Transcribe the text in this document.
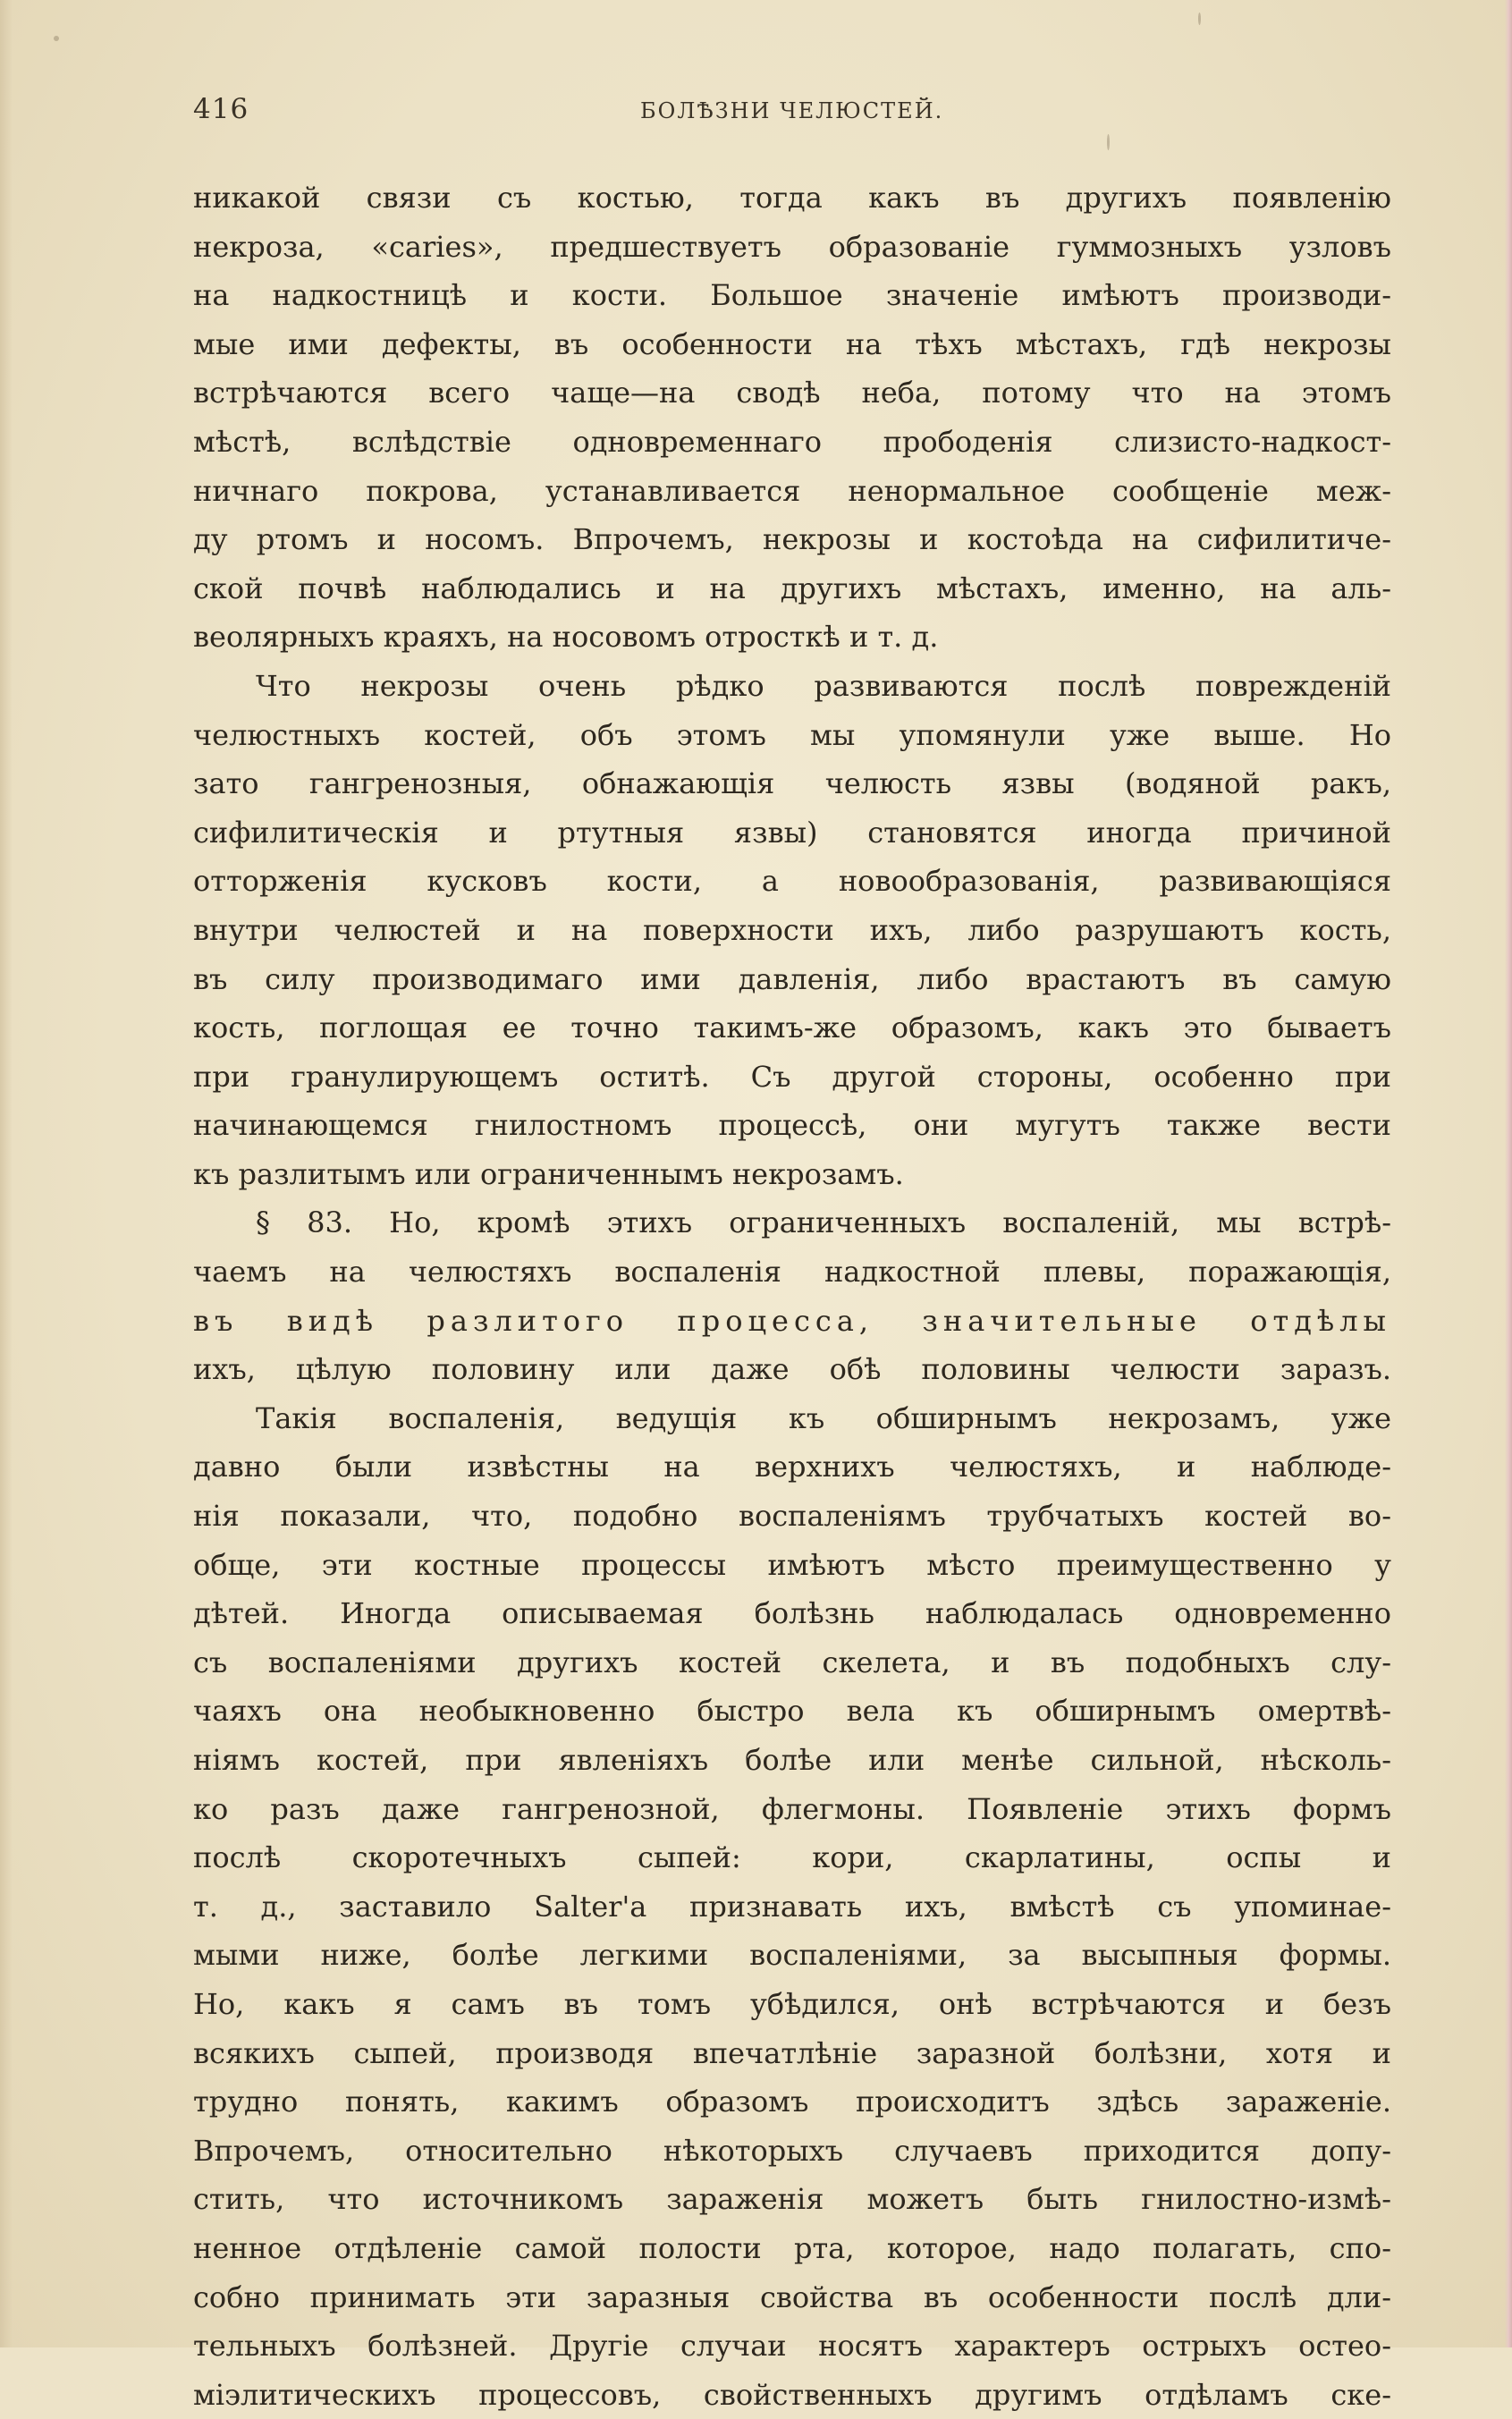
416	БОЛѢЗНИ ЧЕЛЮСТЕЙ.
никакой связи съ костью, тогда какъ въ другихъ появленію
некроза, «caries», предшествуетъ образованіе гуммозныхъ узловъ
на надкостницѣ и кости. Большое значеніе имѣютъ производи-
мые ими дефекты, въ особенности на тѣхъ мѣстахъ, гдѣ некрозы
встрѣчаются всего чаще—на сводѣ неба, потому что на этомъ
мѣстѣ, вслѣдствіе одновременнаго прободенія слизисто-надкост-
ничнаго покрова, устанавливается ненормальное сообщеніе меж-
ду ртомъ и носомъ. Впрочемъ, некрозы и костоѣда на сифилитиче-
ской почвѣ наблюдались и на другихъ мѣстахъ, именно, на аль-
веолярныхъ краяхъ, на носовомъ отросткѣ и т. д.
Что некрозы очень рѣдко развиваются послѣ поврежденій
челюстныхъ костей, объ этомъ мы упомянули уже выше. Но
зато гангренозныя, обнажающія челюсть язвы (водяной ракъ,
сифилитическія и ртутныя язвы) становятся иногда причиной
отторженія кусковъ кости, а новообразованія, развивающіяся
внутри челюстей и на поверхности ихъ, либо разрушаютъ кость,
въ силу производимаго ими давленія, либо врастаютъ въ самую
кость, поглощая ее точно такимъ-же образомъ, какъ это бываетъ
при гранулирующемъ оститѣ. Съ другой стороны, особенно при
начинающемся гнилостномъ процессѣ, они мугутъ также вести
къ разлитымъ или ограниченнымъ некрозамъ.
§ 83. Но, кромѣ этихъ ограниченныхъ воспаленій, мы встрѣ-
чаемъ на челюстяхъ воспаленія надкостной плевы, поражающія,
въ видѣ разлитого процесса, значительные отдѣлы
ихъ, цѣлую половину или даже обѣ половины челюсти заразъ.
Такія воспаленія, ведущія къ обширнымъ некрозамъ, уже
давно были извѣстны на верхнихъ челюстяхъ, и наблюде-
нія показали, что, подобно воспаленіямъ трубчатыхъ костей во-
обще, эти костные процессы имѣютъ мѣсто преимущественно у
дѣтей. Иногда описываемая болѣзнь наблюдалась одновременно
съ воспаленіями другихъ костей скелета, и въ подобныхъ слу-
чаяхъ она необыкновенно быстро вела къ обширнымъ омертвѣ-
ніямъ костей, при явленіяхъ болѣе или менѣе сильной, нѣсколь-
ко разъ даже гангренозной, флегмоны. Появленіе этихъ формъ
послѣ скоротечныхъ сыпей: кори, скарлатины, оспы и
т. д., заставило Salter'а признавать ихъ, вмѣстѣ съ упоминае-
мыми ниже, болѣе легкими воспаленіями, за высыпныя формы.
Но, какъ я самъ въ томъ убѣдился, онѣ встрѣчаются и безъ
всякихъ сыпей, производя впечатлѣніе заразной болѣзни, хотя и
трудно понять, какимъ образомъ происходитъ здѣсь зараженіе.
Впрочемъ, относительно нѣкоторыхъ случаевъ приходится допу-
стить, что источникомъ зараженія можетъ быть гнилостно-измѣ-
ненное отдѣленіе самой полости рта, которое, надо полагать, спо-
собно принимать эти заразныя свойства въ особенности послѣ дли-
тельныхъ болѣзней. Другіе случаи носятъ характеръ острыхъ остео-
міэлитическихъ процессовъ, свойственныхъ другимъ отдѣламъ ске-
